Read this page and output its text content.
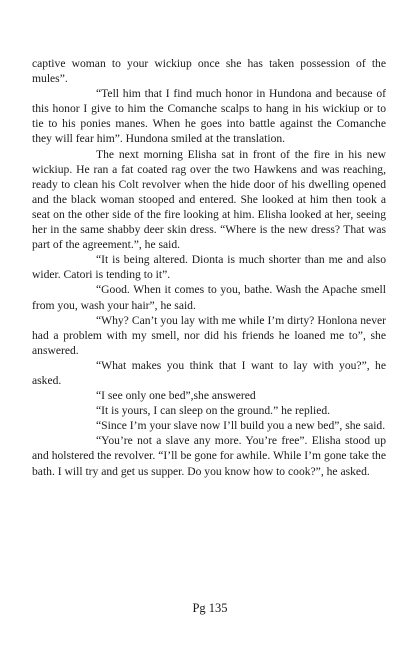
captive woman to your wickiup once she has taken possession of the mules”.

“Tell him that I find much honor in Hundona and because of this honor I give to him the Comanche scalps to hang in his wickiup or to tie to his ponies manes. When he goes into battle against the Comanche they will fear him”. Hundona smiled at the translation.

The next morning Elisha sat in front of the fire in his new wickiup. He ran a fat coated rag over the two Hawkens and was reaching, ready to clean his Colt revolver when the hide door of his dwelling opened and the black woman stooped and entered. She looked at him then took a seat on the other side of the fire looking at him. Elisha looked at her, seeing her in the same shabby deer skin dress. “Where is the new dress? That was part of the agreement.”, he said.

“It is being altered. Dionta is much shorter than me and also wider. Catori is tending to it”.

“Good. When it comes to you, bathe. Wash the Apache smell from you, wash your hair”, he said.

“Why? Can’t you lay with me while I’m dirty? Honlona never had a problem with my smell, nor did his friends he loaned me to”, she answered.

“What makes you think that I want to lay with you?”, he asked.

“I see only one bed”,she answered

“It is yours, I can sleep on the ground.” he replied.

“Since I’m your slave now I’ll build you a new bed”, she said.

“You’re not a slave any more. You’re free”. Elisha stood up and holstered the revolver. “I’ll be gone for awhile. While I’m gone take the bath. I will try and get us supper. Do you know how to cook?”, he asked.

Pg 135
